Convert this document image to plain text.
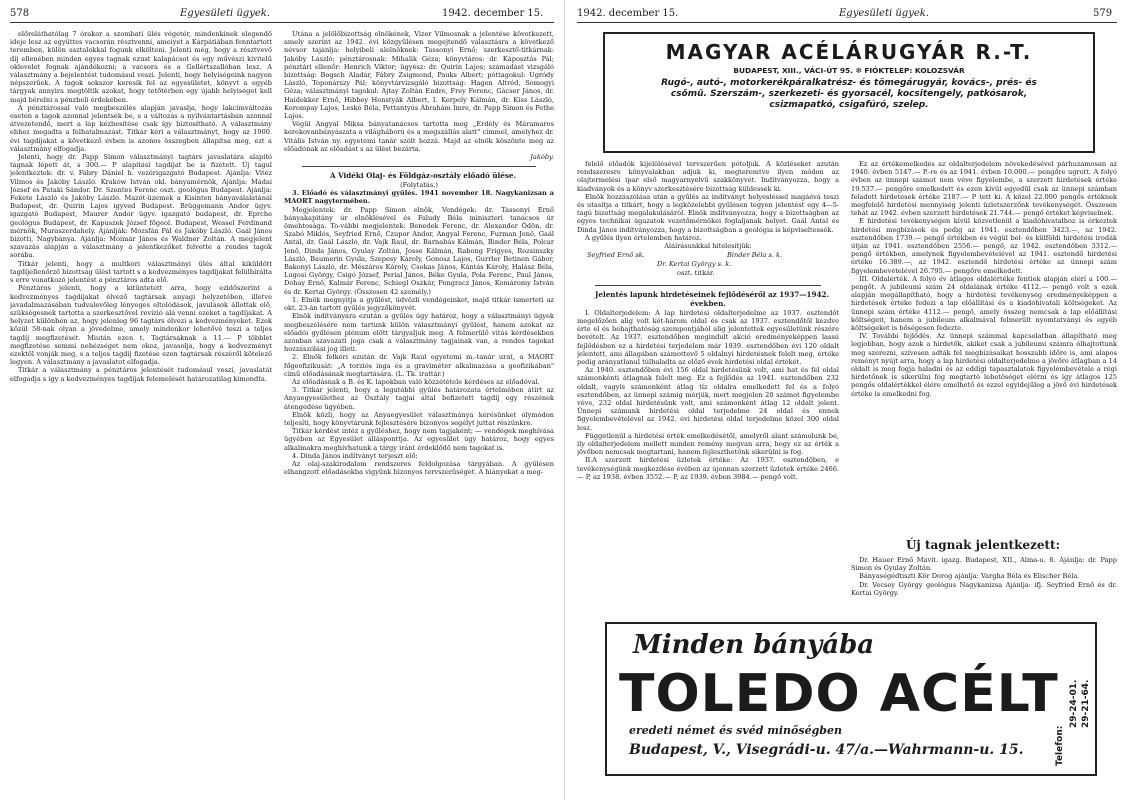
578	Egyesületi ügyek.	1942. december 15.

előreláthatólag 7 órakor a szombati ülés végetér, mindenkinek elegendő ideje lesz az együttes vacsorán résztvenni, ameiyet a Kárpátiában fenntartott teremben, külön asztalokkal fogunk elkölteni. Jelenti még, hogy a résztvevő díj ellenében minden egyes tagnak ezust kalapácsot és egy művészi kivitelű oklevelet fognak ajándékozni; a vacsora és a Gellértszallóban lesz. A választmány a bejelentést tudomásul veszi. Jelenti, hogy helyiségeink nagyon népszerűek. A tagok sokszor keresik fel az egyesületet, könyvt a egyéb tárgyak annyira megtöltik azokat, hogy tetőtérben egy újabb helyiséget kell majd bérelni a pénzbeli érdekében.

A pénztárossal való megbeszélés alapján javaslja, hogy lakcímváltozás esetén a tagok azonnal jelentsék be, s a változás a nyilvántartásban azonnal átvezetendő, mert a lap kézbesítése csak így biztosítható. A választmány ehhez megadta a felhatalmazást. Titkár kéri a választmányt, hogy az 1900. évi tagdíjakat a következő évben is azonos összegben állapítsa meg, ezt a választmány elfogadja.

Jelenti, hogy dr. Papp Simon választmányi tagtárs javaslatára alapító tagnak lépett át, s 300.— P alapítási tagdíjat be is fizetett. Új tagul jelentkeztek: dr. v. Fábry Dániel h. vezérigazgató Budapest. Ajánlja: Vitéz Vilmos és Jakóby László. Kraków István okl. bányamérnök, Ajánlja: Mádai József és Pataki Sándor. Dr. Szentes Ferenc oszt. geológus Budapest. Ajánlja: Fekete László és Jakóby László. Mazót-üzemek a Kisinten bányaválalatánál Budapest, dr. Quirin Lajos igyved Budapest. Brüggemann Andor ügyv. igazgató Budapest, Maurer Andor ügyv. igazgató budapest, dr. Eprche geológus Budapest, dr. Kapuszek József főgeol. Budapest, Wessel Ferdinand mérnök, Muraszerdahely. Ajánlják: Mozsfán Pál és Jakóby László. Gaál János bizotti, Nagybánya. Ajánlja: Moimár János és Waldner Zoltán. A megjelent szavazás alapján a választmány a jelentkezőket felvette a rendes tagok sorába.

Titkár jelenti, hogy a multkori választmányi ülés által kiküldött tagdíjellenőrző bizottság ülést tartott s a kedvezményes tagdíjakat felülbírálta s erre vonatkozó jelentést a pénztáros adta elő.

Pénztáros jelenti, hogy a kitüntetett arra, hogy ezidőszerint a kedvezményes tagdíjakat élvező tagtársak anyagi helyzetében, illetve javadalmazásában tudvalevőleg lényeges eltolódások, javulások állottak elő, szükségesnek tartotta a szerkesztővel revízió alá venni ezeket a tagdíjakat. A helyzet különben az, hogy jelenleg 96 tagtárs élvezi a kedvezményeket. Ezek közül 58-nak olyan a jövedelme, amely mindenkor lehetővé teszi a teljes tagdíj megfizetését. Miután ezen t. Tagtársaknak a 11.— P többlet megfizetése semmi nehézséget nem okoz, javasolja, hogy a kedvezményt ezektől vonják meg, s a teljes tagdíj fizetése ezen tagtársak részéről kötelező legyen. A választmány a javaslatot elfogadja.

Titkár a választmány a pénztáros jelentését tudomásul veszi, javaslatát elfogadja s így a kedvezményes tagdíjak felemelését határozatilag kimondta.

Utána a jelölőbizottság elnökének, Vizer Vilmosnak a jelentése következett, amely szerint az 1942. évi közgyűlésen megejtendő választásra a következő névsor tajánlja: helyibeli alelnöknek: Tassonyi Ernő; szerkesztő-titkárnak: Jakóby László; pénztárosnak: Mihalik Géza; könyvtáros: dr. Káposztás Pál; pénztári ellenőr: Henrich Viktor; ügyész: dr. Quirin Lajos; számadást vizsgáló bizottság: Bogsch Aladár, Fábry Zsigmond, Pauks Albert; póttagokul: Ugródy László, Toponárszy Pál; könyvtárvizsgáló bizottság: Hagen Altréd, Somogyi Géza; választmányi tagokul: Ajtay Zoltán Endre, Frey Ferenc, Gácser János, dr. Haidekker Ernő, Hibbey Honstyák Albert, I. Kerpely Kálmán, dr. Kiss László, Korompay Lajos, Leskó Béla, Pettantyús Ábrahám Imre, dr. Papp Simon és Pethe Lajos.

Végül Angyal Miksa bányatanácsos tartotta meg „Erdély és Máramaros kerekovanbányászata a világháború és a megszállás alatt" címmel, amelyhez dr. Vitális István ny. egyetemi tanár szólt hozzá. Majd az elnök köszönte meg az előadónak az előadást s az ülést bezárta.

Jakóby.

A Vidéki Olaj- és Földgáz-osztály előadó ülése.

(Folytatás.)

3. Előadó és választmányi gyűlés. 1941 november 18. Nagykanizsan a MAORT nagytermében.

Megjelentek: dr. Papp Simon elnök, Vendégek: dr. Tassonyi Ernő bányakapitány úr elnöklésével és Faludy Béla miniszteri tanácsos úr ömehtosága. To-vábbi megjelentek: Benedek Ferenc, dr. Alexander Ödön, dr. Szabó Miklós, Seyfried Ernő, Czupor Andor, Angyal Ferenc, Furman Jenő, Gaál Antal, dr. Gaál László, dr. Vajk Raul, dr. Barnabás Kálmán, Binder Béla, Polcar Jenő, Dinda János, Gyulay Zoltán, Josse Kálmán, Rabong Frigyes, Rozsinszky László, Baumerin Gyula, Szepesy Károly, Gonosz Lajos, Gurrler Betinen Gábor, Bakonyi László, dr. Mészáros Károly, Csokas János, Kántás Károly, Halász Béla, Lugosi György, Csigó József, Perial János, Béke Gyula, Pola Ferenc, Paul János, Dohay Ernő, Kalmár Ferenc, Schiegl Oszkár, Pongracz János, Komáromy István és dr. Kertai György. (Összesen 42 személy.)

1. Elnök megnyitja a gyűlést, üdvözli vendégeinket, majd titkár ismerteti az okt. 23-án tartott gyűlés jegyzőkönyvét.

Elnök indítványára ezután a gyűlés úgy határoz, hogy a választmányi ügyek megbeszélésére nem tartunk külön választmányi gyűlést, hanem azokat az előadói gyűlésen plénum előtt tárgyaljuk meg. A felmerülő vitás kérdésekben azonban szavazati joga csak a választmány tagjainak van, a rendes tagokat hozzászólási jog illeti.

2. Elnök felkéri ezután dr. Vajk Raul egyetemi m.-tanár urat, a MAORT főgeofizikusát: „A torziós inga és a graviméter alkalmazása a geofizikában" című előadásának megtartására. (L. Tk. irattár.)

Az előadásnak a B. és K. lapokban való közzététele kérdéses az előadóval.

3. Titkár jelenti, hogy a legutóbbi gyűlés határozata értelmében átírt az Anyaegyesülethez az Osztály tagjai által befizetett tagdíj egy részének átengedése ügyében.

Elnök közli, hogy az Anyaegyesület választmánya kérésünket olymódon teljesíti, hogy könyvtárunk fejlesztésére bizonyos segélyt juttat részünkre.

Titkár kérdést intéz a gyűléshez, hogy nem tagjaként; — vendégek meghívása ügyében az Egyesület állásponttja. Az egyesület úgy határoz, hogy egyes alkalmakra meghívhatunk a tárgy iránt érdeklődő nem tagokat is.

4. Dinda János indítványt terjeszt elő:

Az olaj-szakirodalom rendszeres feldolgozása tárgyában. A gyűlésen elhangzott előadásokba vigyünk bizonyos tervszerűséget. A hiányokat a meg-

1942. december 15.	Egyesületi ügyek.	579
MAGYAR ACÉLÁRUGYÁR R.-T.
BUDAPEST, XIII., VÁCI-ÚT 95. ✻ FIÓKTELEP: KOLOZSVÁR
Rugó-, autó-, motorkerékpáralkatrész- és tömegárugyár, kovács-, prés- és csőmű. Szerszám-, szerkezeti- és gyorsacél, kocsitengely, patkósarok, csizmapatkó, csigafúró, szelep.

felelő előadók kijelölésével tervszerűen pótoljuk. A közléseket azután rendszeresre könyvalakban adjuk ki, megteremtve ilyen módon az olajtermelési ipar első magyarnyelvű szakkönyvét. Indítványozza, hogy a kiadványok és a könyv szerkesztésére bizottság küldessék ki.

Elnök hozzászólása után a gyűlés az indítványt helyesléssel magáévá teszi és utasítja a titkárt, hogy a legközelebbi gyűlésen tegyen jelentést egy 4—5-tagú bizottság megalakulásáról. Elnök indítványozza, hogy a bizottságban az egyes technikai ágazatok vezetőmérnökei foglaljanak helyet. Gaál Antal és Dinda János indítványozza, hogy a bizottságban a geológia is képviseltessék.

A gyűlés ilyen értelemben határoz.

Aláírásunkkal hitelesítjük:

Seyfried Ernő sk.	Binder Béla s. k.
Dr. Kertai György s. k.
oszt. titkár.

Jelentés lapunk hirdetéseinek fejlődéséről az 1937—1942. években.

I. Oldalterjedelem: A lap hirdetési oldalterjedelme az 1937. esztendőt megelőzően alig volt két-három oldal és csak az 1937. esztendőtől kezdve érte el és behajthatóság szempontjából alig jelentettek egyesületünk részére bevételt. Az 1937. esztendőben megindult akció eredményeképpen lassú fejlődésben ez a hirdetési terjedelem már 1939. esztendőben évi 120 oldalt jelentett, ami állagában számottevő 5 oldalnyi hirdetésnek felelt meg, értéke pedig arányatlanul túlhaladta az előző évek hirdetési oldal értékét.

Az 1940. esztendőben évi 156 oldal hirdetésünk volt, ami hat és fél oldal számonkénti átlagnak felelt meg. Ez a fejlődés az 1941. esztendőben 232 oldalt, vagyis számonként átlag tíz oldalra emelkedett fel és a folyó esztendőben, az ünnepi számig mérjük, mert megjelen 20 számot figyelembe véve, 232 oldal hirdetésünk volt, ami számonként átlag 12 oldalt jelent. Ünnepi számunk hirdetési oldal terjedelme 24 oldal és ennek figyelembevételével az 1942. évi hirdetési oldal terjedelme közel 300 oldal lesz.

Függetlenül a hirdetési érték emelkedésétől, amelyről alant számolunk be, ily oldalterjedelem mellett minden remény megvan arra, hogy ez az érték a jövőben nemcsak megtartani, hanem fejleszthetőnk sikerülni is fog.

II.A szerzett hirdetési üzletek értéke: Az 1937. esztendőben, e tevékenységünk megkezdése évében az újonnan szerzett üzletek értéke 2466.— P, az 1938. évben 3552.— P, az 1939. évben 3984.— pengő volt.

Ez az értékemelkedés az oldalterjedelem növekedésével párhuzamosan az 1940. évben 5147.— P.-re és az 1941. évben 10.000.— pengőre ugrott. A folyó évben az ünnepi számot nem véve figyelembe, a szerzett hirdetések értéke 19.537.— pengőre emelkedett és ezen kívül egyedül csak az ünnepi számban feladott hirdetések értéke 2187.— P tett ki. A közel 22.000 pengős értéknek megfelelő hirdetési mennyiség jelenti üzletszerzőnk tevékenységét. Összesen tehát az 1942. évben szerzett hirdetések 21.744.— pengő értéket képviselnek.

E hirdetési tevékenységen kívül közvetlenül a kiadóhivatalhoz is érkeztek hirdetési megbízások és pedig az 1941. esztendőben 3423.—, az 1942. esztendőben 1739.— pengő értékben és végül bel- és külföldi hirdetési irodák útján az 1941. esztendőben 2556.— pengő, az 1942. esztendőben 3312.— pengő értékben, amelynek figyelembevételével az 1941. esztendő hirdetési értéke 16.389.—, az 1942. esztendő hirdetési értéke az ünnepi szám figyelembevételével 26.795.— pengőre emelkedett.

III. Oldalérték. A folyó év átlagos oldalértéke fentiek alapján elérí a 100.— pengőt. A jubileumi szám 24 oldalának értéke 4112.— pengő volt s ezek alapján megállapítható, hogy a hirdetési tevékenység eredményeképpen a hirdetések értéke fedezi a lap előállítási és a kiadóhivatali költségeket. Az ünnepi szám értéke 4112.— pengő, amely összeg nemcsak a lap előállítási költségeit, hanem a jubileum alkalmával felmerült nyomtatványi és egyéb költségeket is bőségesen fedezte.

IV. További fejlődés. Az ünnepi számmal kapcsolatban állapítható meg legjobban, hogy azok a hirdetők, akiket csak a jubileumi számra ólhajtottunk meg szerezni, szívesen adták fel megbízásaikat hosszabb időre is, ami alapos reményt nyújt arra, hogy a lap hirdetési oldalterjedelme a jövőre átlagban a 14 oldalt is meg fogja haladni és az eddigi tapasztalatok figyelembevétele a régi hirdetőnek is sikerülni fog megtartó lehetőséget elérni és így átlagos 125 pengős oldalértékkel élére emelhető és ezzel egyidejűleg a jövő évi hirdetések értéke is emelkedni fog.

Új tagnak jelentkezett:

Dr. Hauer Ernő Mavit. igazg. Budapest, XII., Alma-u. 6. Ajánlja: dr. Papp Simon és Gyulay Zoltán.

Bányaségédtiszti Kör Dorog ajánlja: Vargha Béla és Elischer Béla.

Dr. Vecsey György geológus Nagykanizsa Ajánlja: ifj. Seyfried Ernő és dr. Kertai György.

Minden bányába
TOLEDO ACÉLT
eredeti német és svéd minőségben
Budapest, V., Visegrádi-u. 47/a.—Wahrmann-u. 15.	Telefon:
29-24-01. 29-21-64.
